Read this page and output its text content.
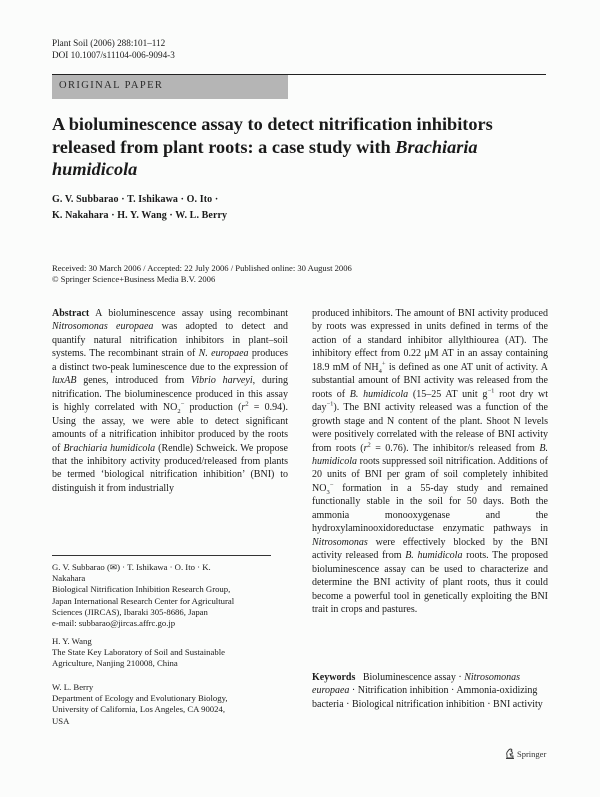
Plant Soil (2006) 288:101–112
DOI 10.1007/s11104-006-9094-3
ORIGINAL PAPER
A bioluminescence assay to detect nitrification inhibitors
released from plant roots: a case study with Brachiaria
humidicola
G. V. Subbarao · T. Ishikawa · O. Ito ·
K. Nakahara · H. Y. Wang · W. L. Berry
Received: 30 March 2006 / Accepted: 22 July 2006 / Published online: 30 August 2006
© Springer Science+Business Media B.V. 2006

Abstract A bioluminescence assay using recombinant Nitrosomonas europaea was adopted to detect and quantify natural nitrification inhibitors in plant–soil systems. The recombinant strain of N. europaea produces a distinct two-peak luminescence due to the expression of luxAB genes, introduced from Vibrio harveyi, during nitrification. The bioluminescence produced in this assay is highly correlated with $NO_2^-$ production $(r^2 = 0.94)$. Using the assay, we were able to detect significant amounts of a nitrification inhibitor produced by the roots of Brachiaria humidicola (Rendle) Schweick. We propose that the inhibitory activity produced/released from plants be termed ‘biological nitrification inhibition’ (BNI) to distinguish it from industrially

produced inhibitors. The amount of BNI activity produced by roots was expressed in units defined in terms of the action of a standard inhibitor allylthiourea (AT). The inhibitory effect from 0.22 μM AT in an assay containing 18.9 mM of $NH_4^+$ is defined as one AT unit of activity. A substantial amount of BNI activity was released from the roots of B. humidicola (15–25 AT unit $g^{-1}$ root dry wt day$^{-1}$). The BNI activity released was a function of the growth stage and N content of the plant. Shoot N levels were positively correlated with the release of BNI activity from roots $(r^2 = 0.76)$. The inhibitor/s released from B. humidicola roots suppressed soil nitrification. Additions of 20 units of BNI per gram of soil completely inhibited $NO_3^-$ formation in a 55-day study and remained functionally stable in the soil for 50 days. Both the ammonia monooxygenase and the hydroxylaminooxidoreductase enzymatic pathways in Nitrosomonas were effectively blocked by the BNI activity released from B. humidicola roots. The proposed bioluminescence assay can be used to characterize and determine the BNI activity of plant roots, thus it could become a powerful tool in genetically exploiting the BNI trait in crops and pastures.

G. V. Subbarao (✉) · T. Ishikawa · O. Ito · K. Nakahara
Biological Nitrification Inhibition Research Group,
Japan International Research Center for Agricultural
Sciences (JIRCAS), Ibaraki 305-8686, Japan
e-mail: subbarao@jircas.affrc.go.jp
H. Y. Wang
The State Key Laboratory of Soil and Sustainable
Agriculture, Nanjing 210008, China
W. L. Berry
Department of Ecology and Evolutionary Biology,
University of California, Los Angeles, CA 90024,
USA
Keywords Bioluminescence assay · Nitrosomonas europaea · Nitrification inhibition · Ammonia-oxidizing bacteria · Biological nitrification inhibition · BNI activity
Springer
